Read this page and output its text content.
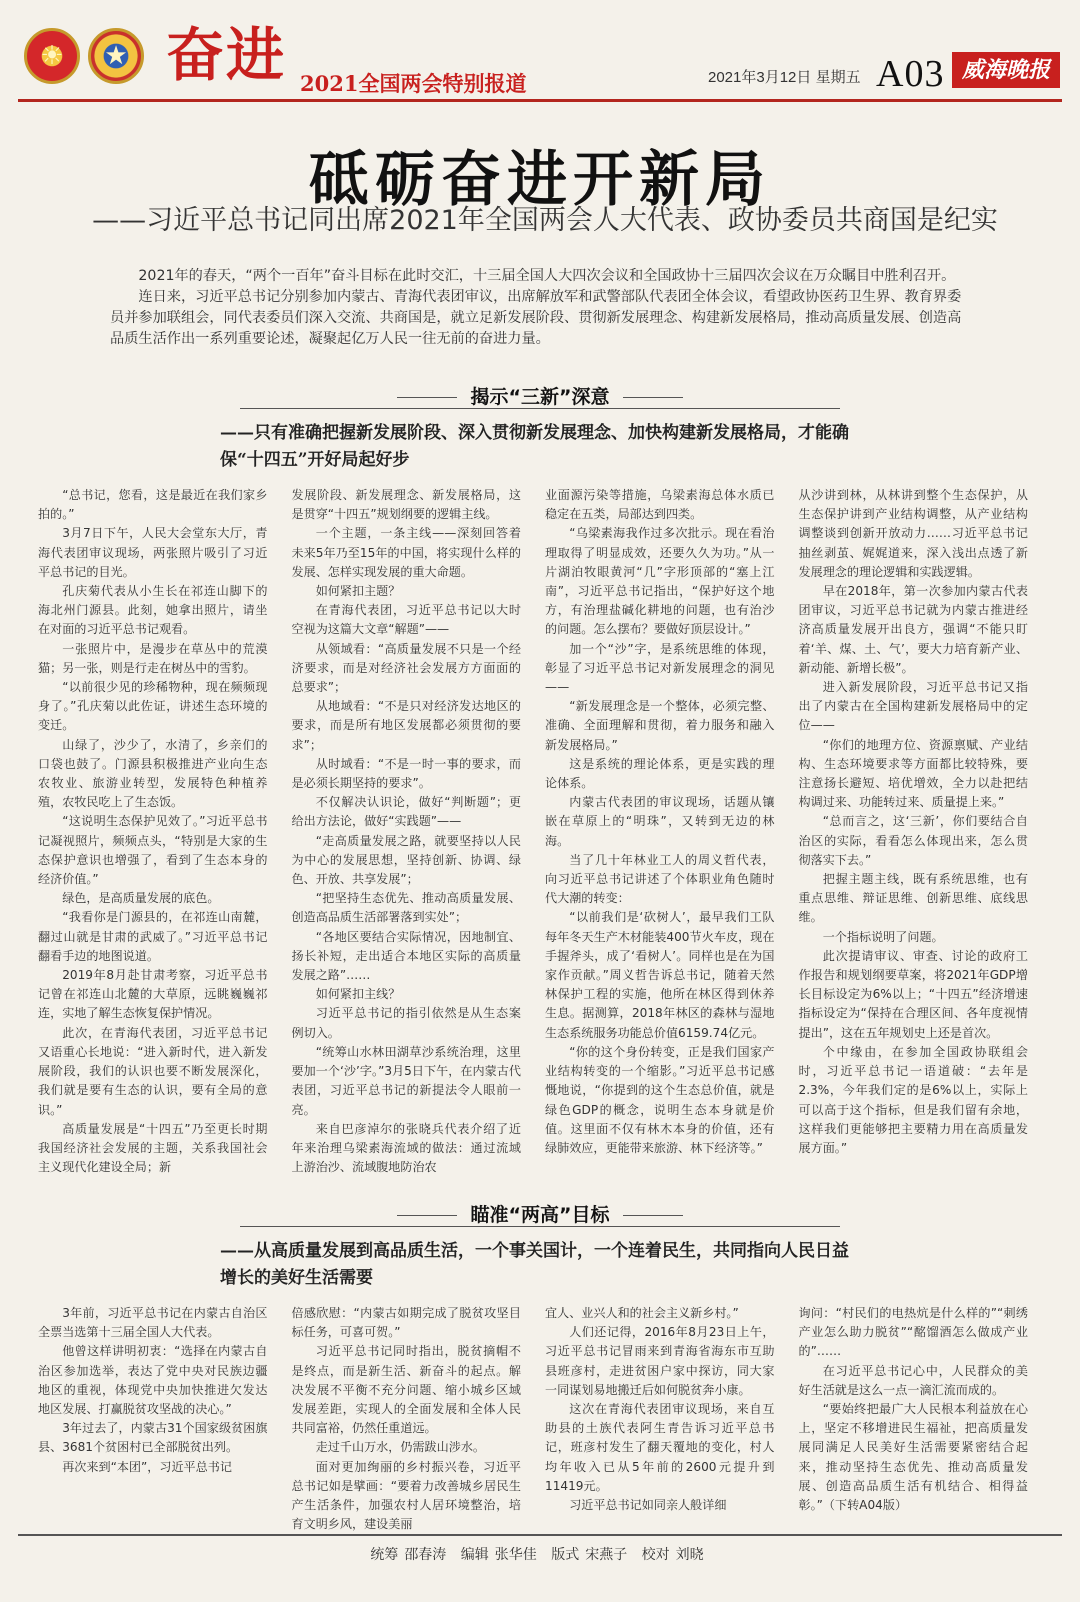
☀	★ 奋进 2021全国两会特别报道	2021年3月12日 星期五 A03 威海晚报
砥砺奋进开新局
——习近平总书记同出席2021年全国两会人大代表、政协委员共商国是纪实

2021年的春天，“两个一百年”奋斗目标在此时交汇，十三届全国人大四次会议和全国政协十三届四次会议在万众瞩目中胜利召开。

连日来，习近平总书记分别参加内蒙古、青海代表团审议，出席解放军和武警部队代表团全体会议，看望政协医药卫生界、教育界委员并参加联组会，同代表委员们深入交流、共商国是，就立足新发展阶段、贯彻新发展理念、构建新发展格局，推动高质量发展、创造高品质生活作出一系列重要论述，凝聚起亿万人民一往无前的奋进力量。

揭示“三新”深意
——只有准确把握新发展阶段、深入贯彻新发展理念、加快构建新发展格局，才能确保“十四五”开好局起好步

“总书记，您看，这是最近在我们家乡拍的。”

3月7日下午，人民大会堂东大厅，青海代表团审议现场，两张照片吸引了习近平总书记的目光。

孔庆菊代表从小生长在祁连山脚下的海北州门源县。此刻，她拿出照片，请坐在对面的习近平总书记观看。

一张照片中，是漫步在草丛中的荒漠猫；另一张，则是行走在树丛中的雪豹。

“以前很少见的珍稀物种，现在频频现身了。”孔庆菊以此佐证，讲述生态环境的变迁。

山绿了，沙少了，水清了，乡亲们的口袋也鼓了。门源县积极推进产业向生态农牧业、旅游业转型，发展特色种植养殖，农牧民吃上了生态饭。

“这说明生态保护见效了。”习近平总书记凝视照片，频频点头，“特别是大家的生态保护意识也增强了，看到了生态本身的经济价值。”

绿色，是高质量发展的底色。

“我看你是门源县的，在祁连山南麓，翻过山就是甘肃的武威了。”习近平总书记翻看手边的地图说道。

2019年8月赴甘肃考察，习近平总书记曾在祁连山北麓的大草原，远眺巍巍祁连，实地了解生态恢复保护情况。

此次，在青海代表团，习近平总书记又语重心长地说：“进入新时代，进入新发展阶段，我们的认识也要不断发展深化，我们就是要有生态的认识，要有全局的意识。”

高质量发展是“十四五”乃至更长时期我国经济社会发展的主题，关系我国社会主义现代化建设全局；新

发展阶段、新发展理念、新发展格局，这是贯穿“十四五”规划纲要的逻辑主线。

一个主题，一条主线——深刻回答着未来5年乃至15年的中国，将实现什么样的发展、怎样实现发展的重大命题。

如何紧扣主题？

在青海代表团，习近平总书记以大时空视为这篇大文章“解题”——

从领域看：“高质量发展不只是一个经济要求，而是对经济社会发展方方面面的总要求”；

从地域看：“不是只对经济发达地区的要求，而是所有地区发展都必须贯彻的要求”；

从时域看：“不是一时一事的要求，而是必须长期坚持的要求”。

不仅解决认识论，做好“判断题”；更给出方法论，做好“实践题”——

“走高质量发展之路，就要坚持以人民为中心的发展思想，坚持创新、协调、绿色、开放、共享发展”；

“把坚持生态优先、推动高质量发展、创造高品质生活部署落到实处”；

“各地区要结合实际情况，因地制宜、扬长补短，走出适合本地区实际的高质量发展之路”……

如何紧扣主线？

习近平总书记的指引依然是从生态案例切入。

“统筹山水林田湖草沙系统治理，这里要加一个‘沙’字。”3月5日下午，在内蒙古代表团，习近平总书记的新提法令人眼前一亮。

来自巴彦淖尔的张晓兵代表介绍了近年来治理乌梁素海流域的做法：通过流域上游治沙、流域腹地防治农

业面源污染等措施，乌梁素海总体水质已稳定在五类，局部达到四类。

“乌梁素海我作过多次批示。现在看治理取得了明显成效，还要久久为功。”从一片湖泊牧眼黄河“几”字形顶部的“塞上江南”，习近平总书记指出，“保护好这个地方，有治理盐碱化耕地的问题，也有治沙的问题。怎么摆布？要做好顶层设计。”

加一个“沙”字，是系统思维的体现，彰显了习近平总书记对新发展理念的洞见——

“新发展理念是一个整体，必须完整、准确、全面理解和贯彻，着力服务和融入新发展格局。”

这是系统的理论体系，更是实践的理论体系。

内蒙古代表团的审议现场，话题从镶嵌在草原上的“明珠”，又转到无边的林海。

当了几十年林业工人的周义哲代表，向习近平总书记讲述了个体职业角色随时代大潮的转变：

“以前我们是‘砍树人’，最早我们工队每年冬天生产木材能装400节火车皮，现在手握斧头，成了‘看树人’。同样也是在为国家作贡献。”周义哲告诉总书记，随着天然林保护工程的实施，他所在林区得到休养生息。据测算，2018年林区的森林与湿地生态系统服务功能总价值6159.74亿元。

“你的这个身份转变，正是我们国家产业结构转变的一个缩影。”习近平总书记感慨地说，“你提到的这个生态总价值，就是绿色GDP的概念，说明生态本身就是价值。这里面不仅有林木本身的价值，还有绿肺效应，更能带来旅游、林下经济等。”

从沙讲到林，从林讲到整个生态保护，从生态保护讲到产业结构调整，从产业结构调整谈到创新开放动力……习近平总书记抽丝剥茧、娓娓道来，深入浅出点透了新发展理念的理论逻辑和实践逻辑。

早在2018年，第一次参加内蒙古代表团审议，习近平总书记就为内蒙古推进经济高质量发展开出良方，强调“不能只盯着‘羊、煤、土、气’，要大力培育新产业、新动能、新增长极”。

进入新发展阶段，习近平总书记又指出了内蒙古在全国构建新发展格局中的定位——

“你们的地理方位、资源禀赋、产业结构、生态环境要求等方面都比较特殊，要注意扬长避短、培优增效，全力以赴把结构调过来、功能转过来、质量提上来。”

“总而言之，这‘三新’，你们要结合自治区的实际，看看怎么体现出来，怎么贯彻落实下去。”

把握主题主线，既有系统思维，也有重点思维、辩证思维、创新思维、底线思维。

一个指标说明了问题。

此次提请审议、审查、讨论的政府工作报告和规划纲要草案，将2021年GDP增长目标设定为6%以上；“十四五”经济增速指标设定为“保持在合理区间、各年度视情提出”，这在五年规划史上还是首次。

个中缘由，在参加全国政协联组会时，习近平总书记一语道破：“去年是2.3%，今年我们定的是6%以上，实际上可以高于这个指标，但是我们留有余地，这样我们更能够把主要精力用在高质量发展方面。”

瞄准“两高”目标
——从高质量发展到高品质生活，一个事关国计，一个连着民生，共同指向人民日益增长的美好生活需要

3年前，习近平总书记在内蒙古自治区全票当选第十三届全国人大代表。

他曾这样讲明初衷：“选择在内蒙古自治区参加选举，表达了党中央对民族边疆地区的重视，体现党中央加快推进欠发达地区发展、打赢脱贫攻坚战的决心。”

3年过去了，内蒙古31个国家级贫困旗县、3681个贫困村已全部脱贫出列。

再次来到“本团”，习近平总书记

倍感欣慰：“内蒙古如期完成了脱贫攻坚目标任务，可喜可贺。”

习近平总书记同时指出，脱贫摘帽不是终点，而是新生活、新奋斗的起点。解决发展不平衡不充分问题、缩小城乡区域发展差距，实现人的全面发展和全体人民共同富裕，仍然任重道远。

走过千山万水，仍需跋山涉水。

面对更加绚丽的乡村振兴卷，习近平总书记如是擘画：“要着力改善城乡居民生产生活条件，加强农村人居环境整治，培育文明乡风，建设美丽

宜人、业兴人和的社会主义新乡村。”

人们还记得，2016年8月23日上午，习近平总书记冒雨来到青海省海东市互助县班彦村，走进贫困户家中探访，同大家一同谋划易地搬迁后如何脱贫奔小康。

这次在青海代表团审议现场，来自互助县的土族代表阿生青告诉习近平总书记，班彦村发生了翻天覆地的变化，村人均年收入已从5年前的2600元提升到11419元。

习近平总书记如同亲人般详细

询问：“村民们的电热炕是什么样的”“刺绣产业怎么助力脱贫”“酩馏酒怎么做成产业的”……

在习近平总书记心中，人民群众的美好生活就是这么一点一滴汇流而成的。

“要始终把最广大人民根本利益放在心上，坚定不移增进民生福祉，把高质量发展同满足人民美好生活需要紧密结合起来，推动坚持生态优先、推动高质量发展、创造高品质生活有机结合、相得益彰。”（下转A04版）

统筹 邵春涛 编辑 张华佳 版式 宋燕子 校对 刘晓
